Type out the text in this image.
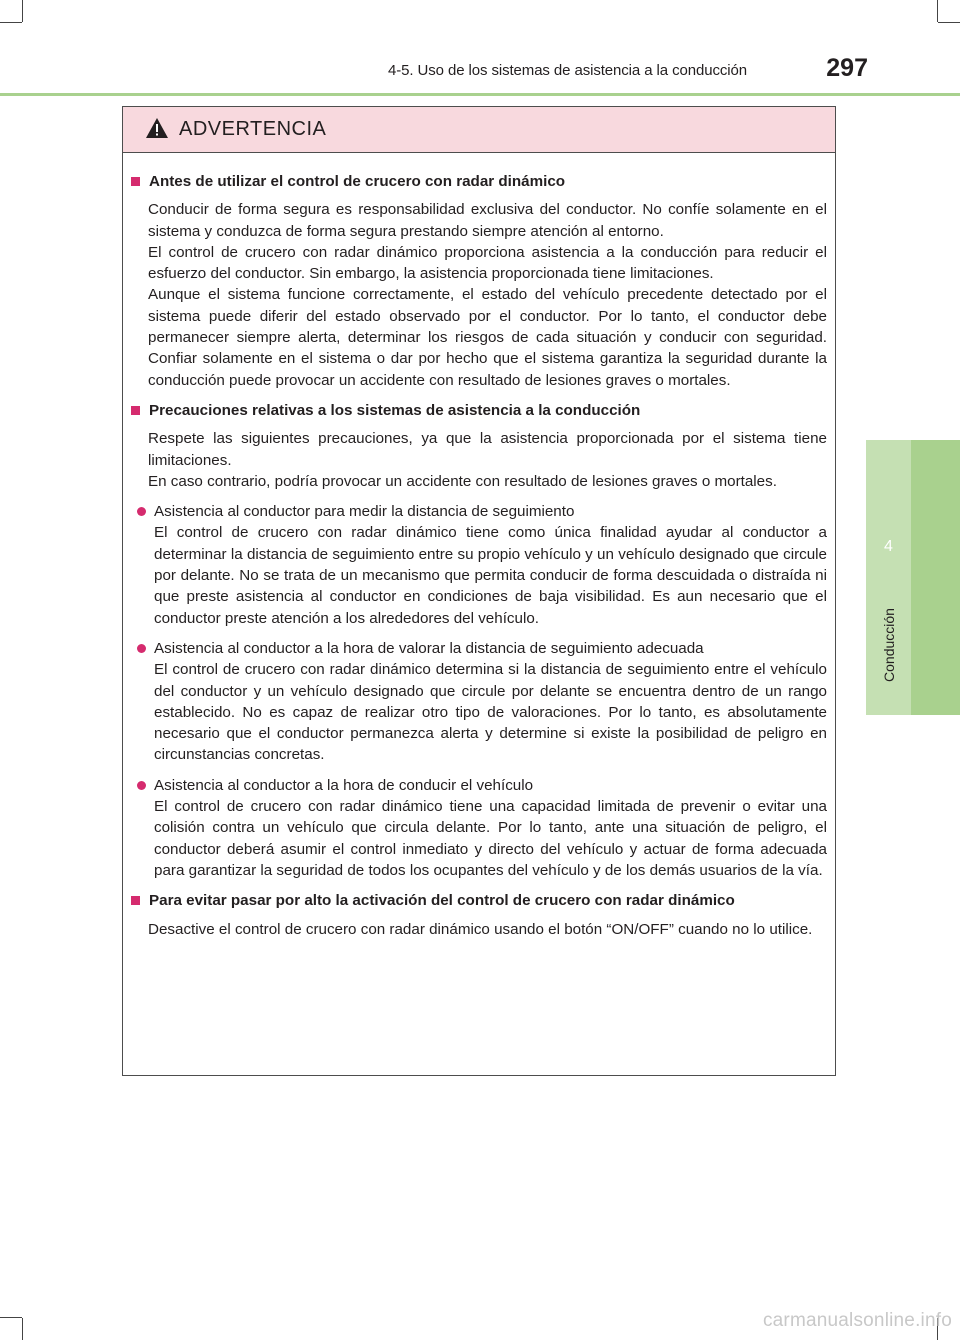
4-5. Uso de los sistemas de asistencia a la conducción	297
4
Conducción
ADVERTENCIA
Antes de utilizar el control de crucero con radar dinámico

Conducir de forma segura es responsabilidad exclusiva del conductor. No confíe solamente en el sistema y conduzca de forma segura prestando siempre atención al entorno.

El control de crucero con radar dinámico proporciona asistencia a la conducción para reducir el esfuerzo del conductor. Sin embargo, la asistencia proporcionada tiene limitaciones.

Aunque el sistema funcione correctamente, el estado del vehículo precedente detectado por el sistema puede diferir del estado observado por el conductor. Por lo tanto, el conductor debe permanecer siempre alerta, determinar los riesgos de cada situación y conducir con seguridad. Confiar solamente en el sistema o dar por hecho que el sistema garantiza la seguridad durante la conducción puede provocar un accidente con resultado de lesiones graves o mortales.

Precauciones relativas a los sistemas de asistencia a la conducción

Respete las siguientes precauciones, ya que la asistencia proporcionada por el sistema tiene limitaciones.

En caso contrario, podría provocar un accidente con resultado de lesiones graves o mortales.

Asistencia al conductor para medir la distancia de seguimiento
El control de crucero con radar dinámico tiene como única finalidad ayudar al conductor a determinar la distancia de seguimiento entre su propio vehículo y un vehículo designado que circule por delante. No se trata de un mecanismo que permita conducir de forma descuidada o distraída ni que preste asistencia al conductor en condiciones de baja visibilidad. Es aun necesario que el conductor preste atención a los alrededores del vehículo.
Asistencia al conductor a la hora de valorar la distancia de seguimiento adecuada
El control de crucero con radar dinámico determina si la distancia de seguimiento entre el vehículo del conductor y un vehículo designado que circule por delante se encuentra dentro de un rango establecido. No es capaz de realizar otro tipo de valoraciones. Por lo tanto, es absolutamente necesario que el conductor permanezca alerta y determine si existe la posibilidad de peligro en circunstancias concretas.
Asistencia al conductor a la hora de conducir el vehículo
El control de crucero con radar dinámico tiene una capacidad limitada de prevenir o evitar una colisión contra un vehículo que circula delante. Por lo tanto, ante una situación de peligro, el conductor deberá asumir el control inmediato y directo del vehículo y actuar de forma adecuada para garantizar la seguridad de todos los ocupantes del vehículo y de los demás usuarios de la vía.
Para evitar pasar por alto la activación del control de crucero con radar dinámico

Desactive el control de crucero con radar dinámico usando el botón “ON/OFF” cuando no lo utilice.

carmanualsonline.info
